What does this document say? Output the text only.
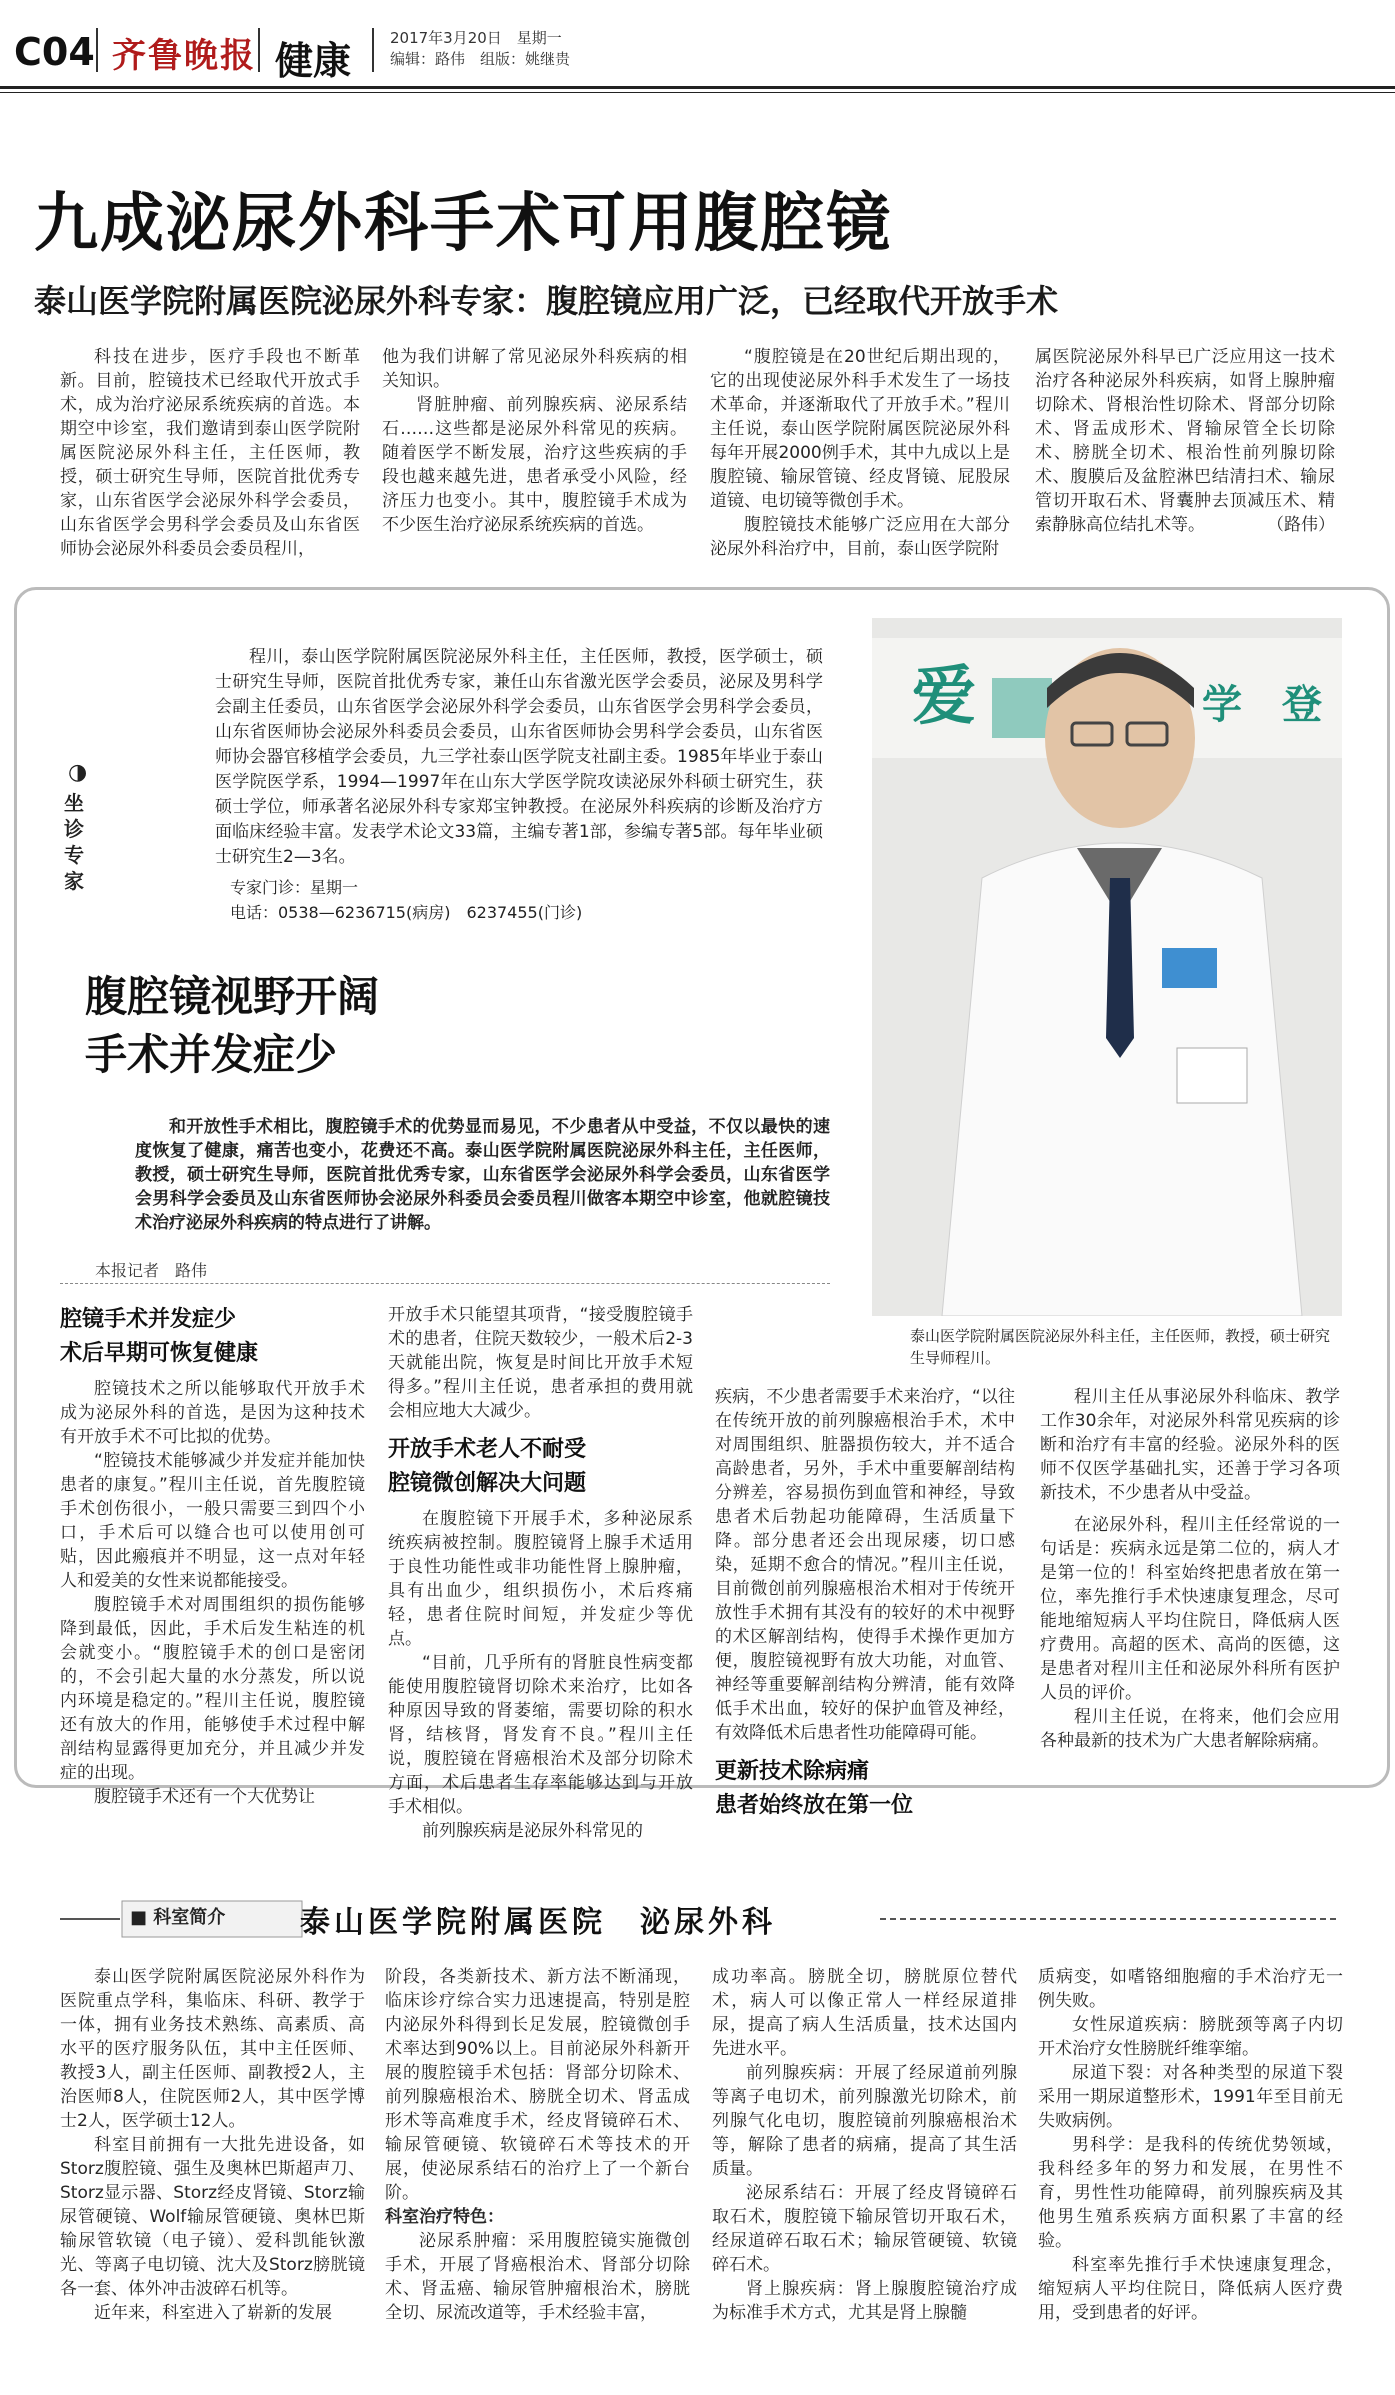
C04 齐鲁晚报 健康
2017年3月20日　星期一
编辑：路伟　组版：姚继贵
九成泌尿外科手术可用腹腔镜
泰山医学院附属医院泌尿外科专家：腹腔镜应用广泛，已经取代开放手术

科技在进步，医疗手段也不断革新。目前，腔镜技术已经取代开放式手术，成为治疗泌尿系统疾病的首选。本期空中诊室，我们邀请到泰山医学院附属医院泌尿外科主任，主任医师，教授，硕士研究生导师，医院首批优秀专家，山东省医学会泌尿外科学会委员，山东省医学会男科学会委员及山东省医师协会泌尿外科委员会委员程川，

他为我们讲解了常见泌尿外科疾病的相关知识。

肾脏肿瘤、前列腺疾病、泌尿系结石……这些都是泌尿外科常见的疾病。随着医学不断发展，治疗这些疾病的手段也越来越先进，患者承受小风险，经济压力也变小。其中，腹腔镜手术成为不少医生治疗泌尿系统疾病的首选。

“腹腔镜是在20世纪后期出现的，它的出现使泌尿外科手术发生了一场技术革命，并逐渐取代了开放手术。”程川主任说，泰山医学院附属医院泌尿外科每年开展2000例手术，其中九成以上是腹腔镜、输尿管镜、经皮肾镜、屁股尿道镜、电切镜等微创手术。

腹腔镜技术能够广泛应用在大部分泌尿外科治疗中，目前，泰山医学院附

属医院泌尿外科早已广泛应用这一技术治疗各种泌尿外科疾病，如肾上腺肿瘤切除术、肾根治性切除术、肾部分切除术、肾盂成形术、肾输尿管全长切除术、膀胱全切术、根治性前列腺切除术、腹膜后及盆腔淋巴结清扫术、输尿管切开取石术、肾囊肿去顶减压术、精索静脉高位结扎术等。	（路伟）

◑
坐诊专家

程川，泰山医学院附属医院泌尿外科主任，主任医师，教授，医学硕士，硕士研究生导师，医院首批优秀专家，兼任山东省激光医学会委员，泌尿及男科学会副主任委员，山东省医学会泌尿外科学会委员，山东省医学会男科学会委员，山东省医师协会泌尿外科委员会委员，山东省医师协会男科学会委员，山东省医师协会器官移植学会委员，九三学社泰山医学院支社副主委。1985年毕业于泰山医学院医学系，1994—1997年在山东大学医学院攻读泌尿外科硕士研究生，获硕士学位，师承著名泌尿外科专家郑宝钟教授。在泌尿外科疾病的诊断及治疗方面临床经验丰富。发表学术论文33篇，主编专著1部，参编专著5部。每年毕业硕士研究生2—3名。

专家门诊：星期一
电话：0538—6236715(病房)　6237455(门诊)
爱	学　登
泰山医学院附属医院泌尿外科主任，主任医师，教授，硕士研究生导师程川。
腹腔镜视野开阔
手术并发症少

和开放性手术相比，腹腔镜手术的优势显而易见，不少患者从中受益，不仅以最快的速度恢复了健康，痛苦也变小，花费还不高。泰山医学院附属医院泌尿外科主任，主任医师，教授，硕士研究生导师，医院首批优秀专家，山东省医学会泌尿外科学会委员，山东省医学会男科学会委员及山东省医师协会泌尿外科委员会委员程川做客本期空中诊室，他就腔镜技术治疗泌尿外科疾病的特点进行了讲解。

本报记者　路伟
腔镜手术并发症少
术后早期可恢复健康

腔镜技术之所以能够取代开放手术成为泌尿外科的首选，是因为这种技术有开放手术不可比拟的优势。

“腔镜技术能够减少并发症并能加快患者的康复。”程川主任说，首先腹腔镜手术创伤很小，一般只需要三到四个小口，手术后可以缝合也可以使用创可贴，因此瘢痕并不明显，这一点对年轻人和爱美的女性来说都能接受。

腹腔镜手术对周围组织的损伤能够降到最低，因此，手术后发生粘连的机会就变小。“腹腔镜手术的创口是密闭的，不会引起大量的水分蒸发，所以说内环境是稳定的。”程川主任说，腹腔镜还有放大的作用，能够使手术过程中解剖结构显露得更加充分，并且减少并发症的出现。

腹腔镜手术还有一个大优势让

开放手术只能望其项背，“接受腹腔镜手术的患者，住院天数较少，一般术后2-3天就能出院，恢复是时间比开放手术短得多。”程川主任说，患者承担的费用就会相应地大大减少。

开放手术老人不耐受
腔镜微创解决大问题

在腹腔镜下开展手术，多种泌尿系统疾病被控制。腹腔镜肾上腺手术适用于良性功能性或非功能性肾上腺肿瘤，具有出血少，组织损伤小，术后疼痛轻，患者住院时间短，并发症少等优点。

“目前，几乎所有的肾脏良性病变都能使用腹腔镜肾切除术来治疗，比如各种原因导致的肾萎缩，需要切除的积水肾，结核肾，肾发育不良。”程川主任说，腹腔镜在肾癌根治术及部分切除术方面，术后患者生存率能够达到与开放手术相似。

前列腺疾病是泌尿外科常见的

疾病，不少患者需要手术来治疗，“以往在传统开放的前列腺癌根治手术，术中对周围组织、脏器损伤较大，并不适合高龄患者，另外，手术中重要解剖结构分辨差，容易损伤到血管和神经，导致患者术后勃起功能障碍，生活质量下降。部分患者还会出现尿瘘，切口感染，延期不愈合的情况。”程川主任说，目前微创前列腺癌根治术相对于传统开放性手术拥有其没有的较好的术中视野的术区解剖结构，使得手术操作更加方便，腹腔镜视野有放大功能，对血管、神经等重要解剖结构分辨清，能有效降低手术出血，较好的保护血管及神经，有效降低术后患者性功能障碍可能。

更新技术除病痛
患者始终放在第一位

程川主任从事泌尿外科临床、教学工作30余年，对泌尿外科常见疾病的诊断和治疗有丰富的经验。泌尿外科的医师不仅医学基础扎实，还善于学习各项新技术，不少患者从中受益。

在泌尿外科，程川主任经常说的一句话是：疾病永远是第二位的，病人才是第一位的！科室始终把患者放在第一位，率先推行手术快速康复理念，尽可能地缩短病人平均住院日，降低病人医疗费用。高超的医术、高尚的医德，这是患者对程川主任和泌尿外科所有医护人员的评价。

程川主任说，在将来，他们会应用各种最新的技术为广大患者解除病痛。

■ 科室简介 泰山医学院附属医院　泌尿外科

泰山医学院附属医院泌尿外科作为医院重点学科，集临床、科研、教学于一体，拥有业务技术熟练、高素质、高水平的医疗服务队伍，其中主任医师、教授3人，副主任医师、副教授2人，主治医师8人，住院医师2人，其中医学博士2人，医学硕士12人。

科室目前拥有一大批先进设备，如Storz腹腔镜、强生及奥林巴斯超声刀、Storz显示器、Storz经皮肾镜、Storz输尿管硬镜、Wolf输尿管硬镜、奥林巴斯输尿管软镜（电子镜）、爱科凯能钬激光、等离子电切镜、沈大及Storz膀胱镜各一套、体外冲击波碎石机等。

近年来，科室进入了崭新的发展

阶段，各类新技术、新方法不断涌现，临床诊疗综合实力迅速提高，特别是腔内泌尿外科得到长足发展，腔镜微创手术率达到90%以上。目前泌尿外科新开展的腹腔镜手术包括：肾部分切除术、前列腺癌根治术、膀胱全切术、肾盂成形术等高难度手术，经皮肾镜碎石术、输尿管硬镜、软镜碎石术等技术的开展，使泌尿系结石的治疗上了一个新台阶。

科室治疗特色：

泌尿系肿瘤：采用腹腔镜实施微创手术，开展了肾癌根治术、肾部分切除术、肾盂癌、输尿管肿瘤根治术，膀胱全切、尿流改道等，手术经验丰富，

成功率高。膀胱全切，膀胱原位替代术，病人可以像正常人一样经尿道排尿，提高了病人生活质量，技术达国内先进水平。

前列腺疾病：开展了经尿道前列腺等离子电切术，前列腺激光切除术，前列腺气化电切，腹腔镜前列腺癌根治术等，解除了患者的病痛，提高了其生活质量。

泌尿系结石：开展了经皮肾镜碎石取石术，腹腔镜下输尿管切开取石术，经尿道碎石取石术；输尿管硬镜、软镜碎石术。

肾上腺疾病：肾上腺腹腔镜治疗成为标准手术方式，尤其是肾上腺髓

质病变，如嗜铬细胞瘤的手术治疗无一例失败。

女性尿道疾病：膀胱颈等离子内切开术治疗女性膀胱纤维挛缩。

尿道下裂：对各种类型的尿道下裂采用一期尿道整形术，1991年至目前无失败病例。

男科学：是我科的传统优势领域，我科经多年的努力和发展，在男性不育，男性性功能障碍，前列腺疾病及其他男生殖系疾病方面积累了丰富的经验。

科室率先推行手术快速康复理念，缩短病人平均住院日，降低病人医疗费用，受到患者的好评。
